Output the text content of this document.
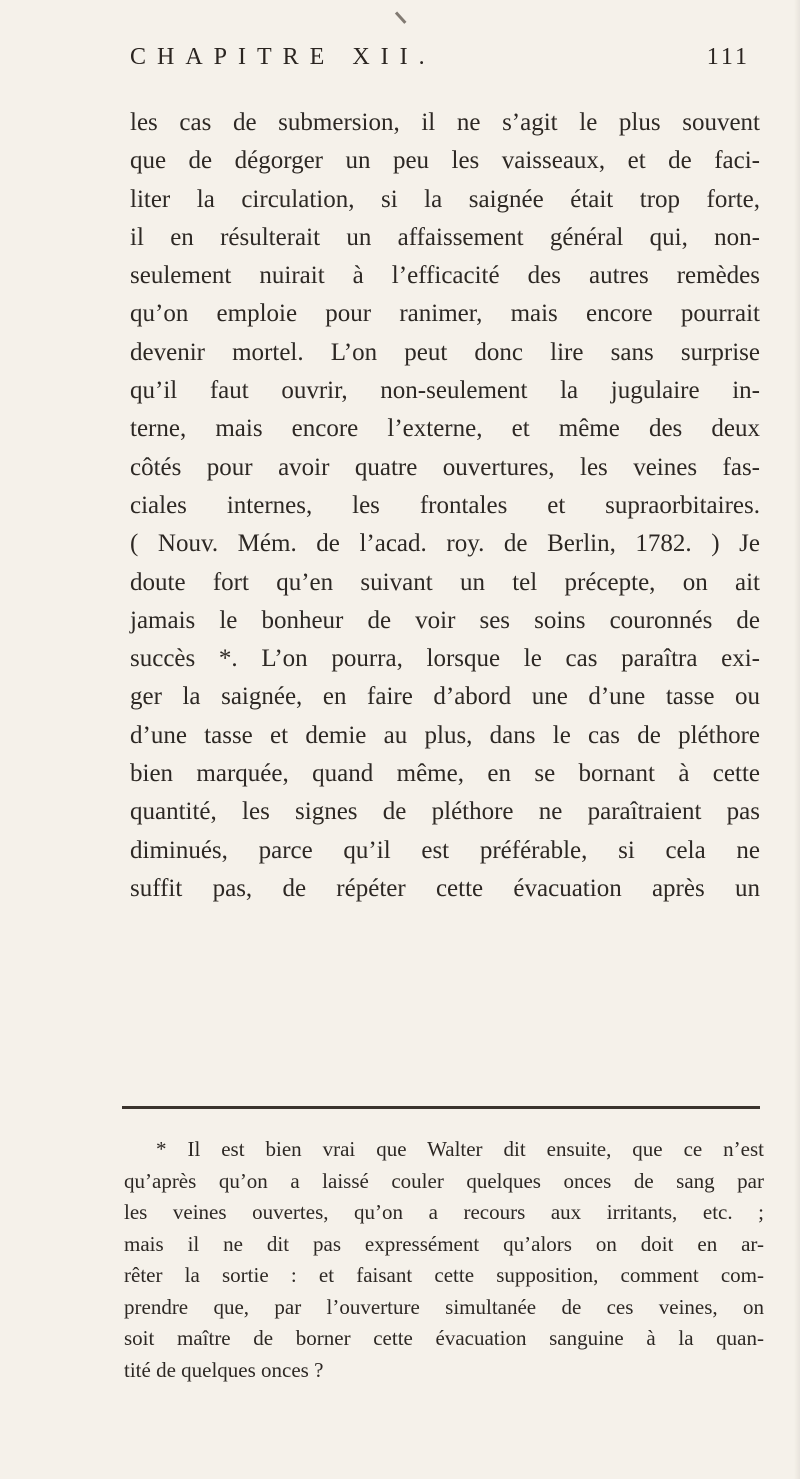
CHAPITRE XII.	111
les cas de submersion, il ne s’agit le plus souvent
que de dégorger un peu les vaisseaux, et de faci-
liter la circulation, si la saignée était trop forte,
il en résulterait un affaissement général qui, non-
seulement nuirait à l’efficacité des autres remèdes
qu’on emploie pour ranimer, mais encore pourrait
devenir mortel. L’on peut donc lire sans surprise
qu’il faut ouvrir, non-seulement la jugulaire in-
terne, mais encore l’externe, et même des deux
côtés pour avoir quatre ouvertures, les veines fas-
ciales internes, les frontales et supraorbitaires.
( Nouv. Mém. de l’acad. roy. de Berlin, 1782. ) Je
doute fort qu’en suivant un tel précepte, on ait
jamais le bonheur de voir ses soins couronnés de
succès *. L’on pourra, lorsque le cas paraîtra exi-
ger la saignée, en faire d’abord une d’une tasse ou
d’une tasse et demie au plus, dans le cas de pléthore
bien marquée, quand même, en se bornant à cette
quantité, les signes de pléthore ne paraîtraient pas
diminués, parce qu’il est préférable, si cela ne
suffit pas, de répéter cette évacuation après un
* Il est bien vrai que Walter dit ensuite, que ce n’est
qu’après qu’on a laissé couler quelques onces de sang par
les veines ouvertes, qu’on a recours aux irritants, etc. ;
mais il ne dit pas expressément qu’alors on doit en ar-
rêter la sortie : et faisant cette supposition, comment com-
prendre que, par l’ouverture simultanée de ces veines, on
soit maître de borner cette évacuation sanguine à la quan-
tité de quelques onces ?
